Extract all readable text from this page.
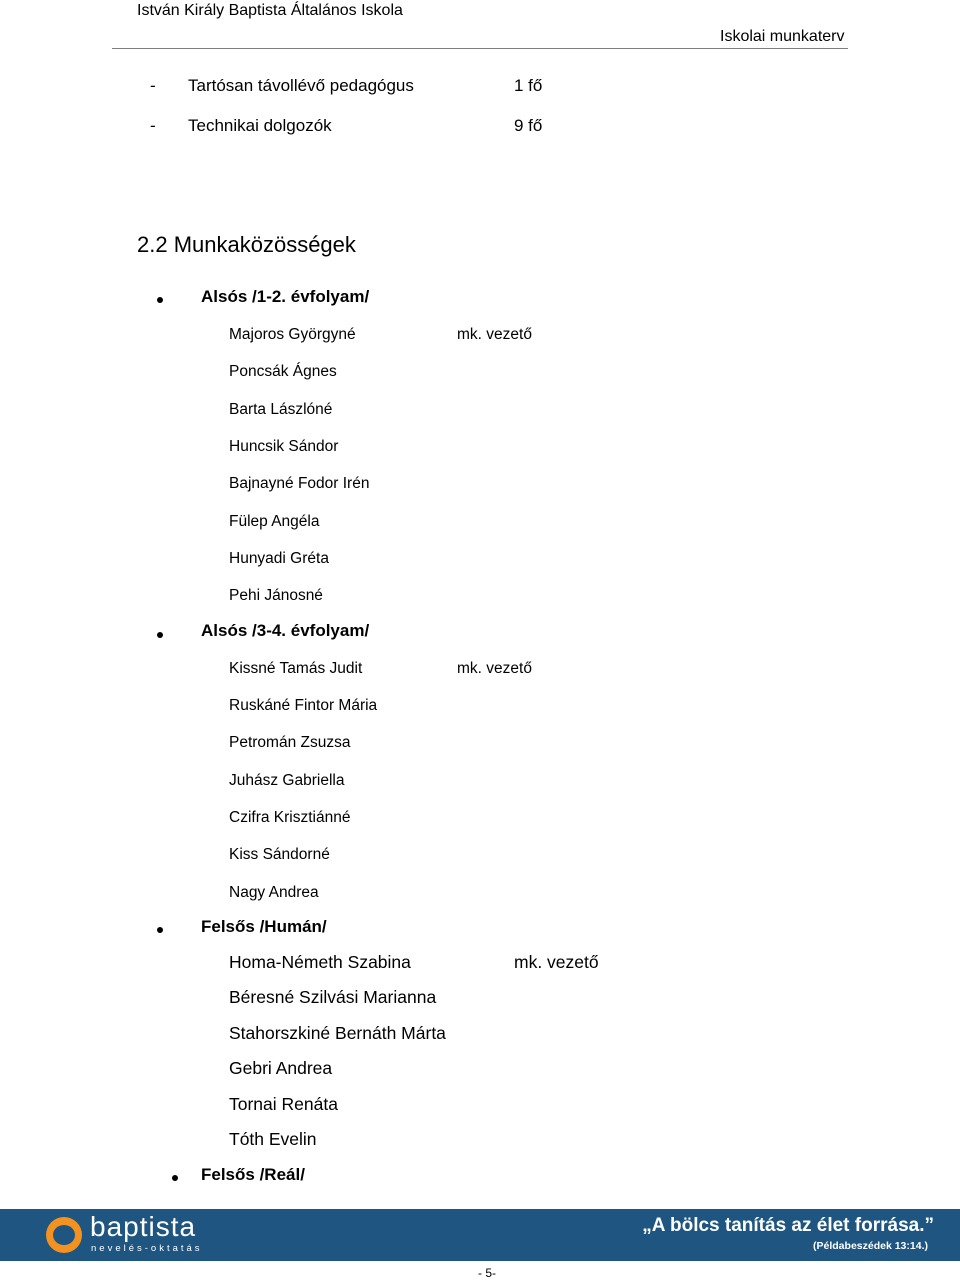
István Király Baptista Általános Iskola
Iskolai munkaterv
- Tartósan távollévő pedagógus	1 fő
- Technikai dolgozók	9 fő
2.2 Munkaközösségek
Alsós /1-2. évfolyam/
Majoros Györgyné	mk. vezető
Poncsák Ágnes
Barta Lászlóné
Huncsik Sándor
Bajnayné Fodor Irén
Fülep Angéla
Hunyadi Gréta
Pehi Jánosné
Alsós /3-4. évfolyam/
Kissné Tamás Judit	mk. vezető
Ruskáné Fintor Mária
Petromán Zsuzsa
Juhász Gabriella
Czifra Krisztiánné
Kiss Sándorné
Nagy Andrea
Felsős /Humán/
Homa-Németh Szabina	mk. vezető
Béresné Szilvási Marianna
Stahorszkiné Bernáth Márta
Gebri Andrea
Tornai Renáta
Tóth Evelin
Felsős /Reál/
baptista
nevelés-oktatás
„A bölcs tanítás az élet forrása.”
(Példabeszédek 13:14.)
- 5-
